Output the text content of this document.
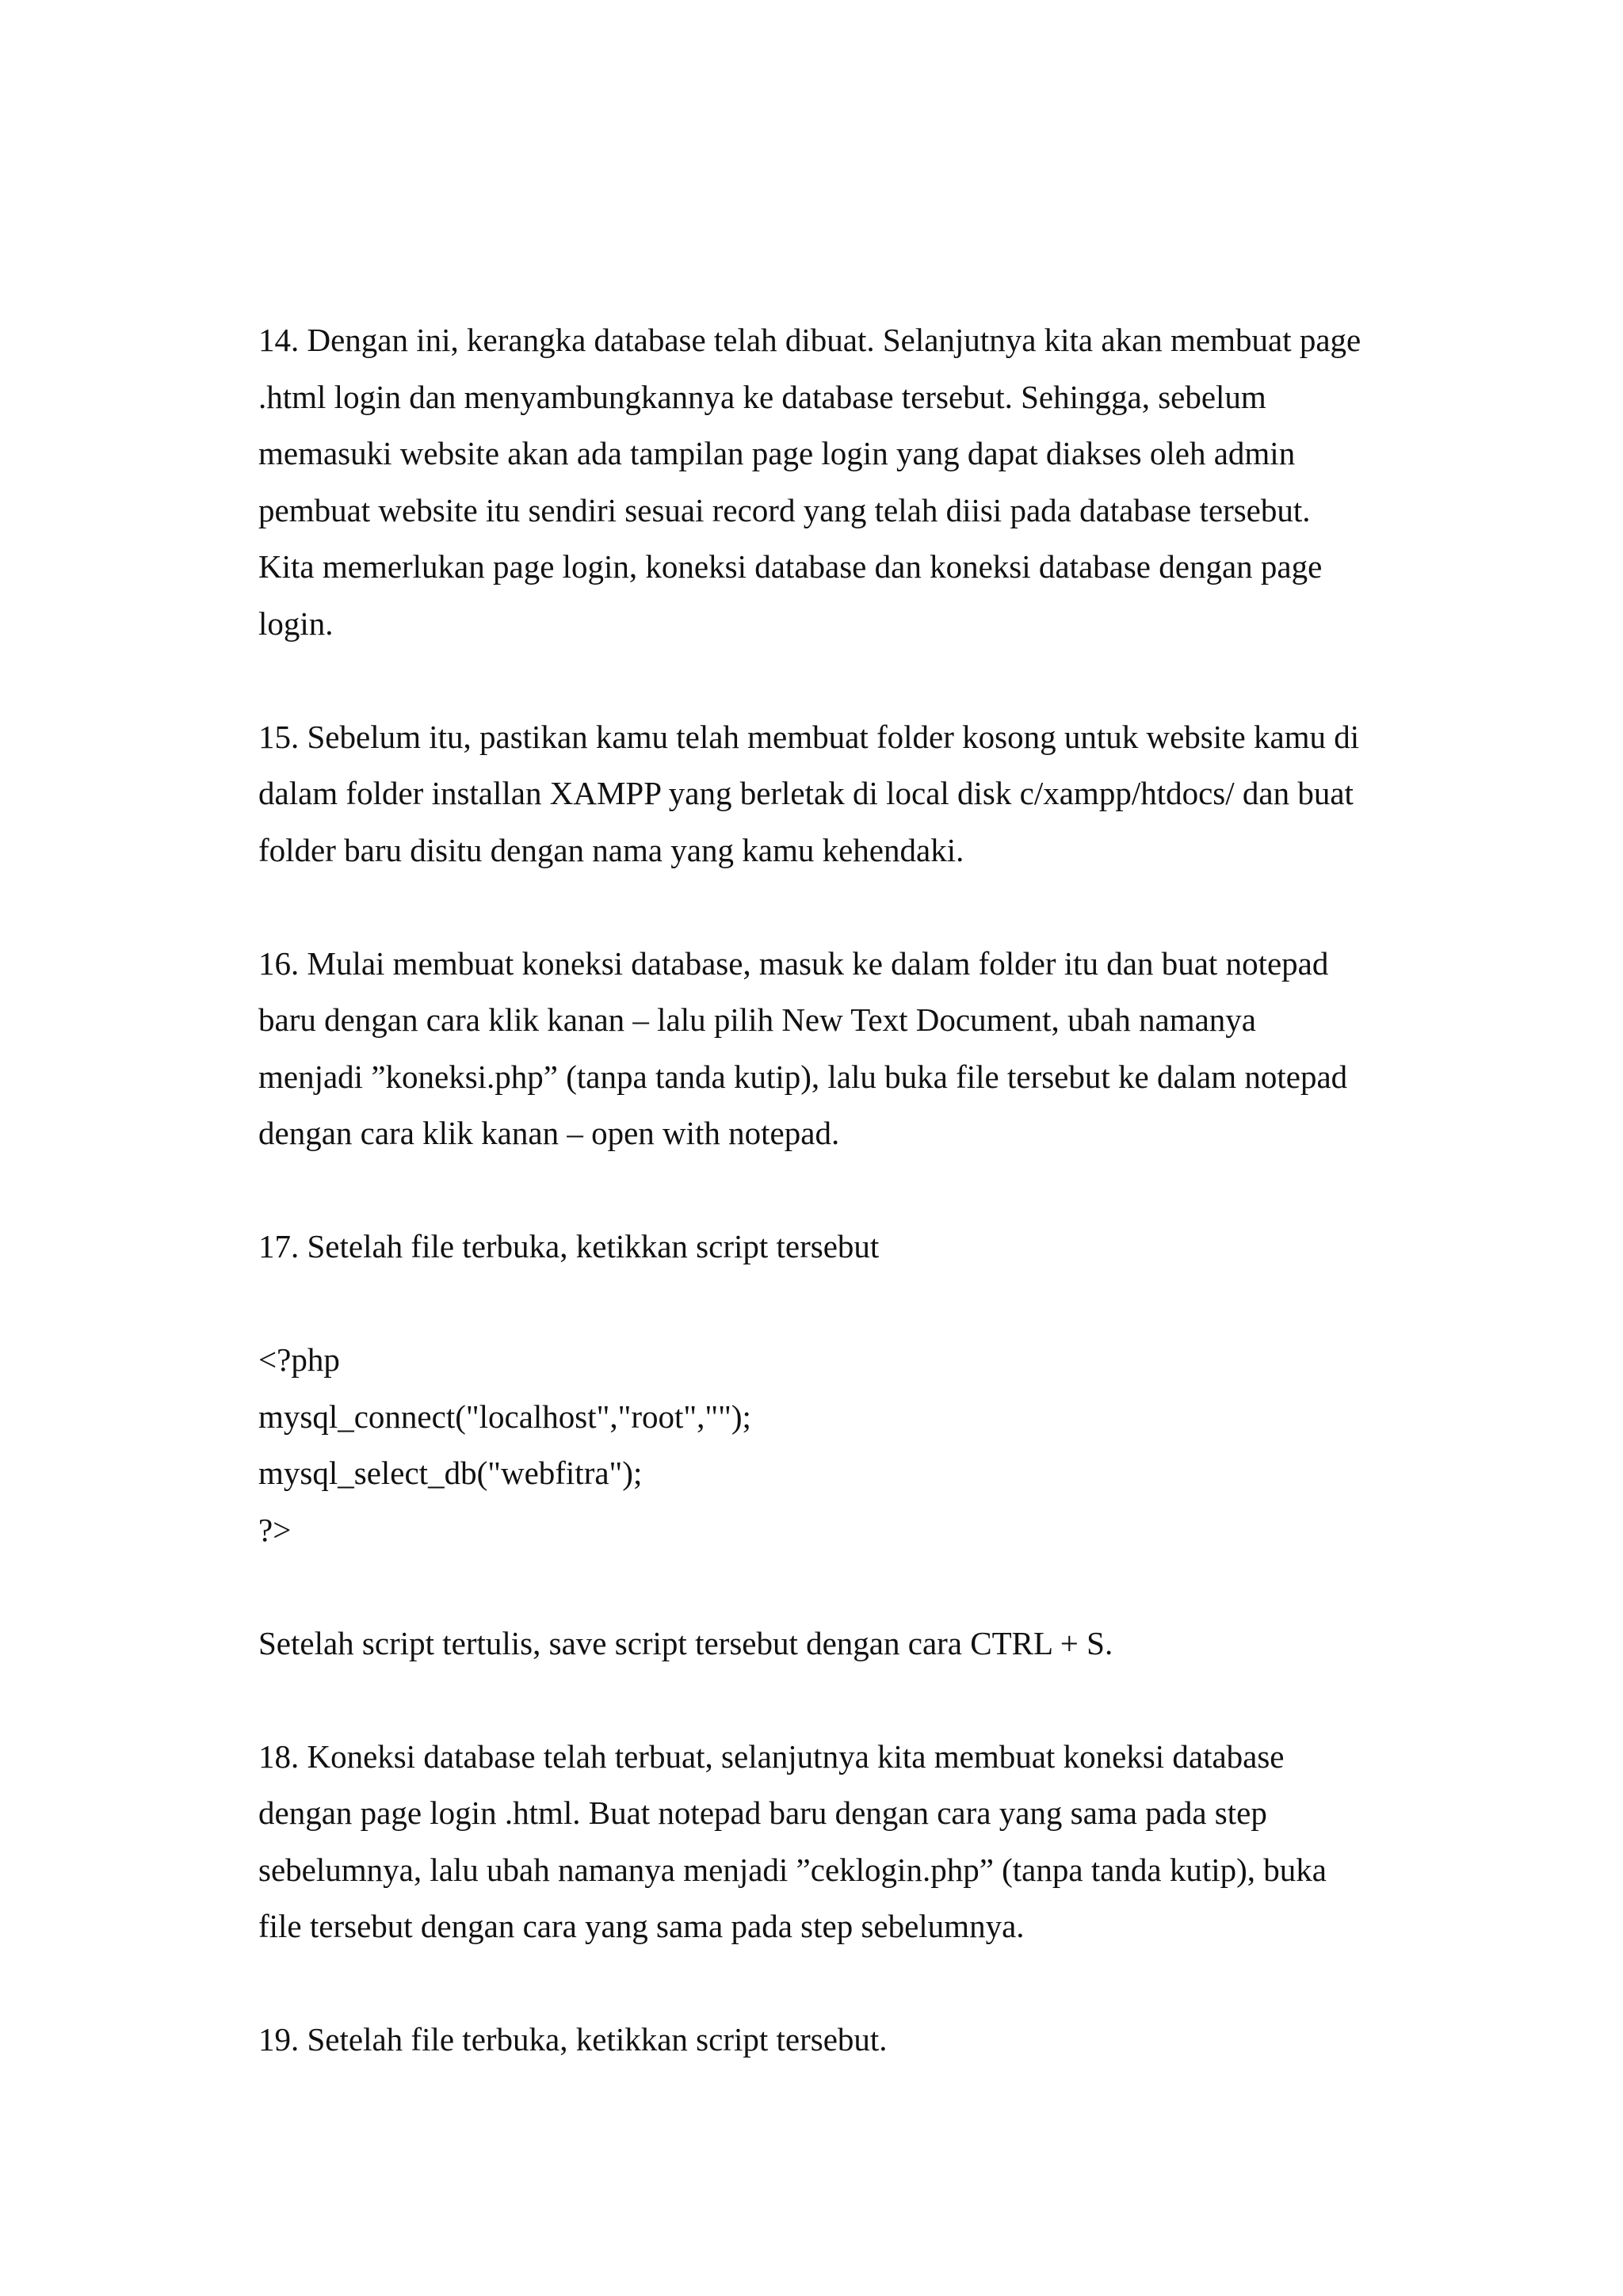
14. Dengan ini, kerangka database telah dibuat. Selanjutnya kita akan membuat page
.html login dan menyambungkannya ke database tersebut. Sehingga, sebelum
memasuki website akan ada tampilan page login yang dapat diakses oleh admin
pembuat website itu sendiri sesuai record yang telah diisi pada database tersebut.
Kita memerlukan page login, koneksi database dan koneksi database dengan page
login.
15. Sebelum itu, pastikan kamu telah membuat folder kosong untuk website kamu di
dalam folder installan XAMPP yang berletak di local disk c/xampp/htdocs/ dan buat
folder baru disitu dengan nama yang kamu kehendaki.
16. Mulai membuat koneksi database, masuk ke dalam folder itu dan buat notepad
baru dengan cara klik kanan – lalu pilih New Text Document, ubah namanya
menjadi ”koneksi.php” (tanpa tanda kutip), lalu buka file tersebut ke dalam notepad
dengan cara klik kanan – open with notepad.
17. Setelah file terbuka, ketikkan script tersebut
<?php
mysql_connect("localhost","root","");
mysql_select_db("webfitra");
?>
Setelah script tertulis, save script tersebut dengan cara CTRL + S.
18. Koneksi database telah terbuat, selanjutnya kita membuat koneksi database
dengan page login .html. Buat notepad baru dengan cara yang sama pada step
sebelumnya, lalu ubah namanya menjadi ”ceklogin.php” (tanpa tanda kutip), buka
file tersebut dengan cara yang sama pada step sebelumnya.
19. Setelah file terbuka, ketikkan script tersebut.
